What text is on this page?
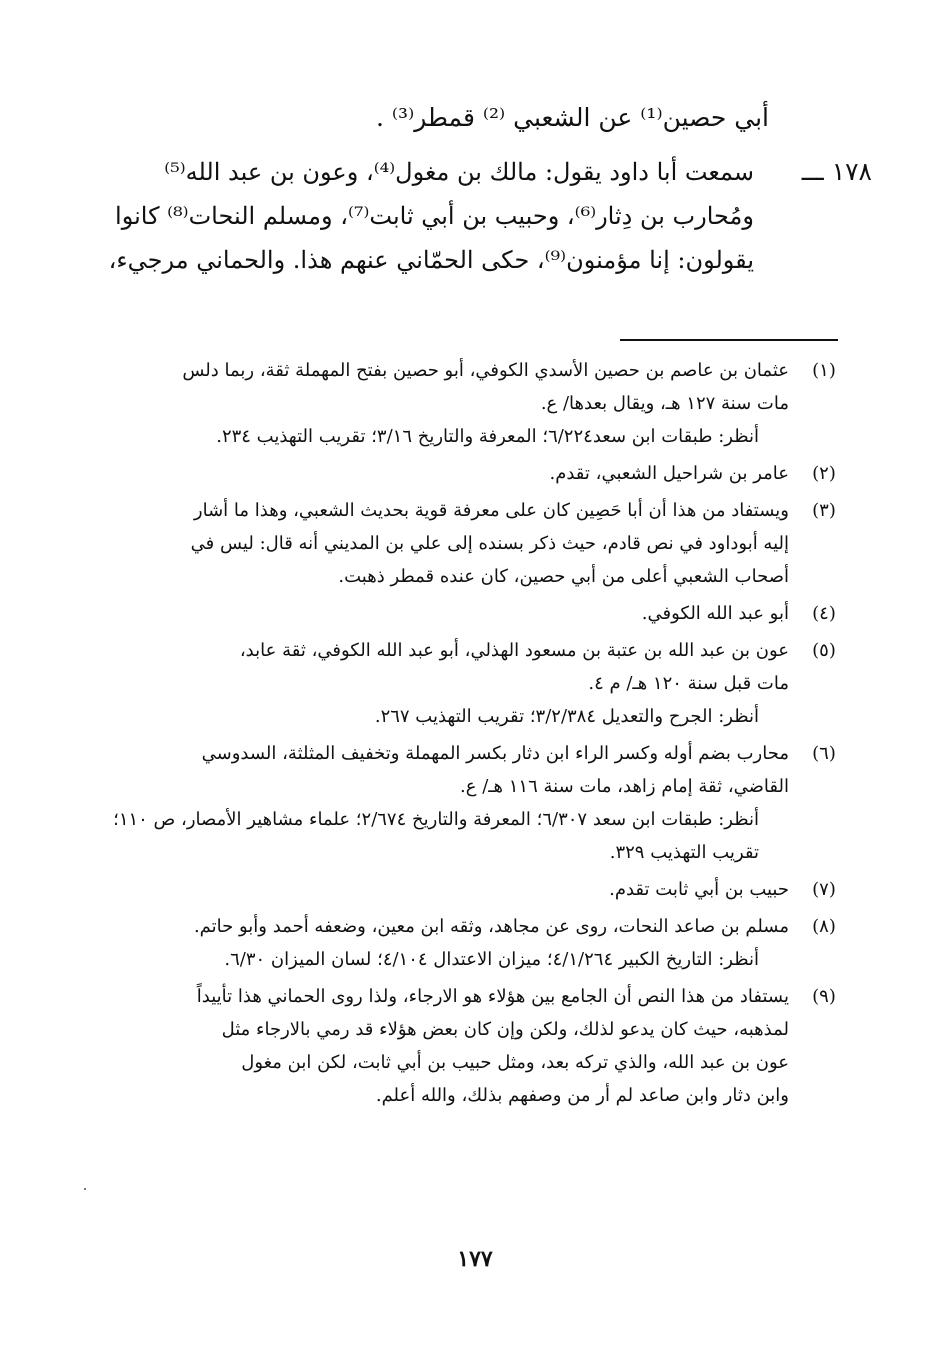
أبي حصين⁽¹⁾ عن الشعبي ⁽²⁾ قمطر⁽³⁾ .
١٧٨ ـــ

سمعت أبا داود يقول: مالك بن مغول⁽⁴⁾، وعون بن عبد الله⁽⁵⁾

ومُحارب بن دِثار⁽⁶⁾، وحبيب بن أبي ثابت⁽⁷⁾، ومسلم النحات⁽⁸⁾ كانوا

يقولون: إنا مؤمنون⁽⁹⁾، حكى الحمّاني عنهم هذا. والحماني مرجيء،

(١)

عثمان بن عاصم بن حصين الأسدي الكوفي، أبو حصين بفتح المهملة ثقة، ربما دلس

مات سنة ١٢٧ هـ، ويقال بعدها/ ع.

أنظر: طبقات ابن سعد٦/٢٢٤؛ المعرفة والتاريخ ٣/١٦؛ تقريب التهذيب ٢٣٤.

(٢)

عامر بن شراحيل الشعبي، تقدم.

(٣)

ويستفاد من هذا أن أبا حَصِين كان على معرفة قوية بحديث الشعبي، وهذا ما أشار

إليه أبوداود في نص قادم، حيث ذكر بسنده إلى علي بن المديني أنه قال: ليس في

أصحاب الشعبي أعلى من أبي حصين، كان عنده قمطر ذهبت.

(٤)

أبو عبد الله الكوفي.

(٥)

عون بن عبد الله بن عتبة بن مسعود الهذلي، أبو عبد الله الكوفي، ثقة عابد،

مات قبل سنة ١٢٠ هـ/ م ٤.

أنظر: الجرح والتعديل ٣/٢/٣٨٤؛ تقريب التهذيب ٢٦٧.

(٦)

محارب بضم أوله وكسر الراء ابن دثار بكسر المهملة وتخفيف المثلثة، السدوسي

القاضي، ثقة إمام زاهد، مات سنة ١١٦ هـ/ ع.

أنظر: طبقات ابن سعد ٦/٣٠٧؛ المعرفة والتاريخ ٢/٦٧٤؛ علماء مشاهير الأمصار، ص ١١٠؛ تقريب التهذيب ٣٢٩.

(٧)

حبيب بن أبي ثابت تقدم.

(٨)

مسلم بن صاعد النحات، روى عن مجاهد، وثقه ابن معين، وضعفه أحمد وأبو حاتم.

أنظر: التاريخ الكبير ٤/١/٢٦٤؛ ميزان الاعتدال ٤/١٠٤؛ لسان الميزان ٦/٣٠.

(٩)

يستفاد من هذا النص أن الجامع بين هؤلاء هو الارجاء، ولذا روى الحماني هذا تأييداً

لمذهبه، حيث كان يدعو لذلك، ولكن وإن كان بعض هؤلاء قد رمي بالارجاء مثل

عون بن عبد الله، والذي تركه بعد، ومثل حبيب بن أبي ثابت، لكن ابن مغول

وابن دثار وابن صاعد لم أر من وصفهم بذلك، والله أعلم.

١٧٧
